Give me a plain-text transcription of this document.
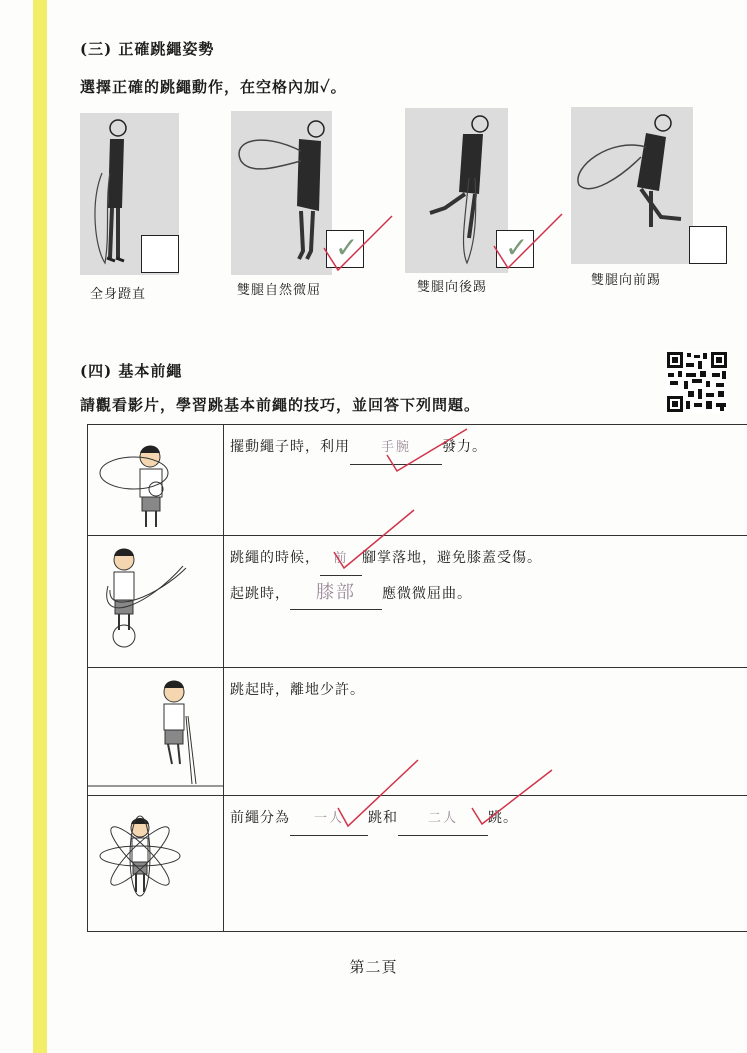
(三) 正確跳繩姿勢
選擇正確的跳繩動作，在空格內加✓。
全身蹬直
✓
雙腿自然微屈
✓
雙腿向後踢	雙腿向前踢
(四) 基本前繩
請觀看影片，學習跳基本前繩的技巧，並回答下列問題。
擺動繩子時，利用 手腕 發力。
跳繩的時候， 前 腳掌落地，避免膝蓋受傷。
起跳時， 膝部 應微微屈曲。
跳起時，離地少許。
前繩分為 一人 跳和 二人 跳。
第二頁
